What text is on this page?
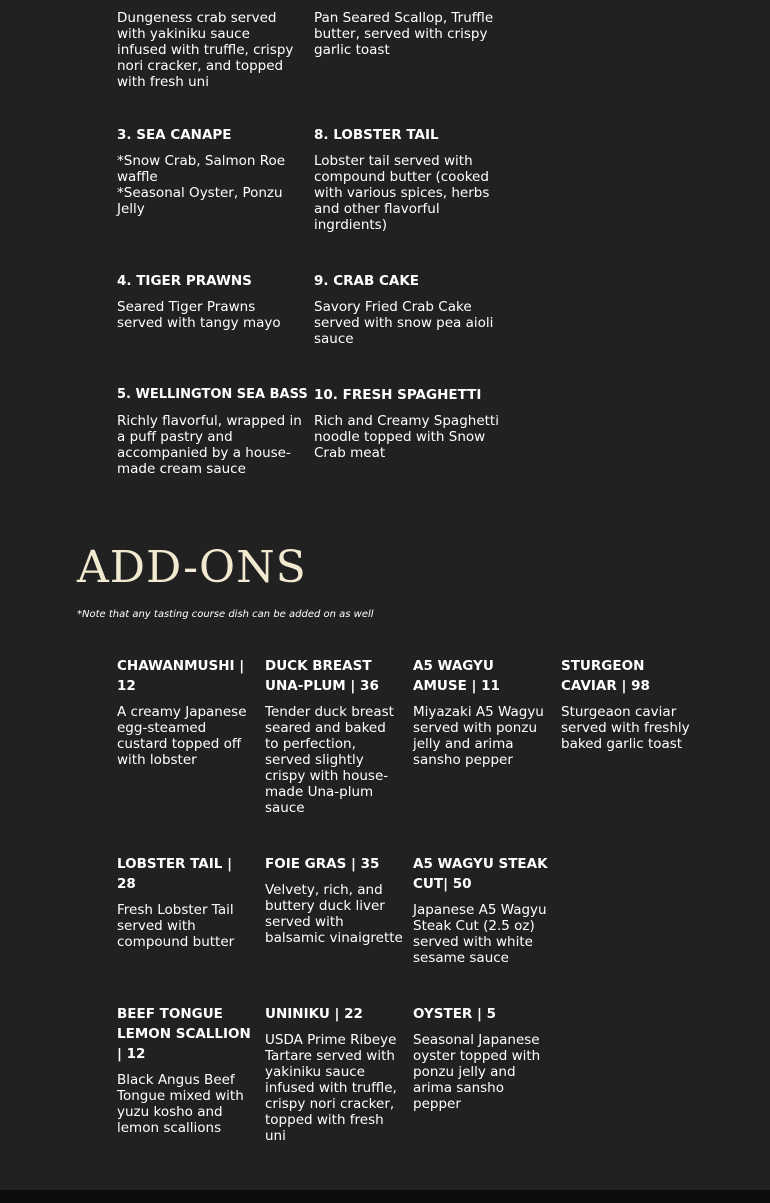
Dungeness crab served with yakiniku sauce infused with truffle, crispy nori cracker, and topped with fresh uni

Pan Seared Scallop, Truffle butter, served with crispy garlic toast

3. SEA CANAPE

*Snow Crab, Salmon Roe waffle
*Seasonal Oyster, Ponzu Jelly

8. LOBSTER TAIL

Lobster tail served with compound butter (cooked with various spices, herbs and other flavorful ingrdients)

4. TIGER PRAWNS

Seared Tiger Prawns served with tangy mayo

9. CRAB CAKE

Savory Fried Crab Cake served with snow pea aioli sauce

5. WELLINGTON SEA BASS

Richly flavorful, wrapped in a puff pastry and accompanied by a house-made cream sauce

10. FRESH SPAGHETTI

Rich and Creamy Spaghetti noodle topped with Snow Crab meat

ADD-ONS

*Note that any tasting course dish can be added on as well

CHAWANMUSHI | 12

A creamy Japanese egg-steamed custard topped off with lobster

DUCK BREAST UNA-PLUM | 36

Tender duck breast seared and baked to perfection, served slightly crispy with house-made Una-plum sauce

A5 WAGYU AMUSE | 11

Miyazaki A5 Wagyu served with ponzu jelly and arima sansho pepper

STURGEON CAVIAR | 98

Sturgeaon caviar served with freshly baked garlic toast

LOBSTER TAIL | 28

Fresh Lobster Tail served with compound butter

FOIE GRAS | 35

Velvety, rich, and buttery duck liver served with balsamic vinaigrette

A5 WAGYU STEAK CUT| 50

Japanese A5 Wagyu Steak Cut (2.5 oz) served with white sesame sauce

BEEF TONGUE LEMON SCALLION | 12

Black Angus Beef Tongue mixed with yuzu kosho and lemon scallions

UNINIKU | 22

USDA Prime Ribeye Tartare served with yakiniku sauce infused with truffle, crispy nori cracker, topped with fresh uni

OYSTER | 5

Seasonal Japanese oyster topped with ponzu jelly and arima sansho pepper
